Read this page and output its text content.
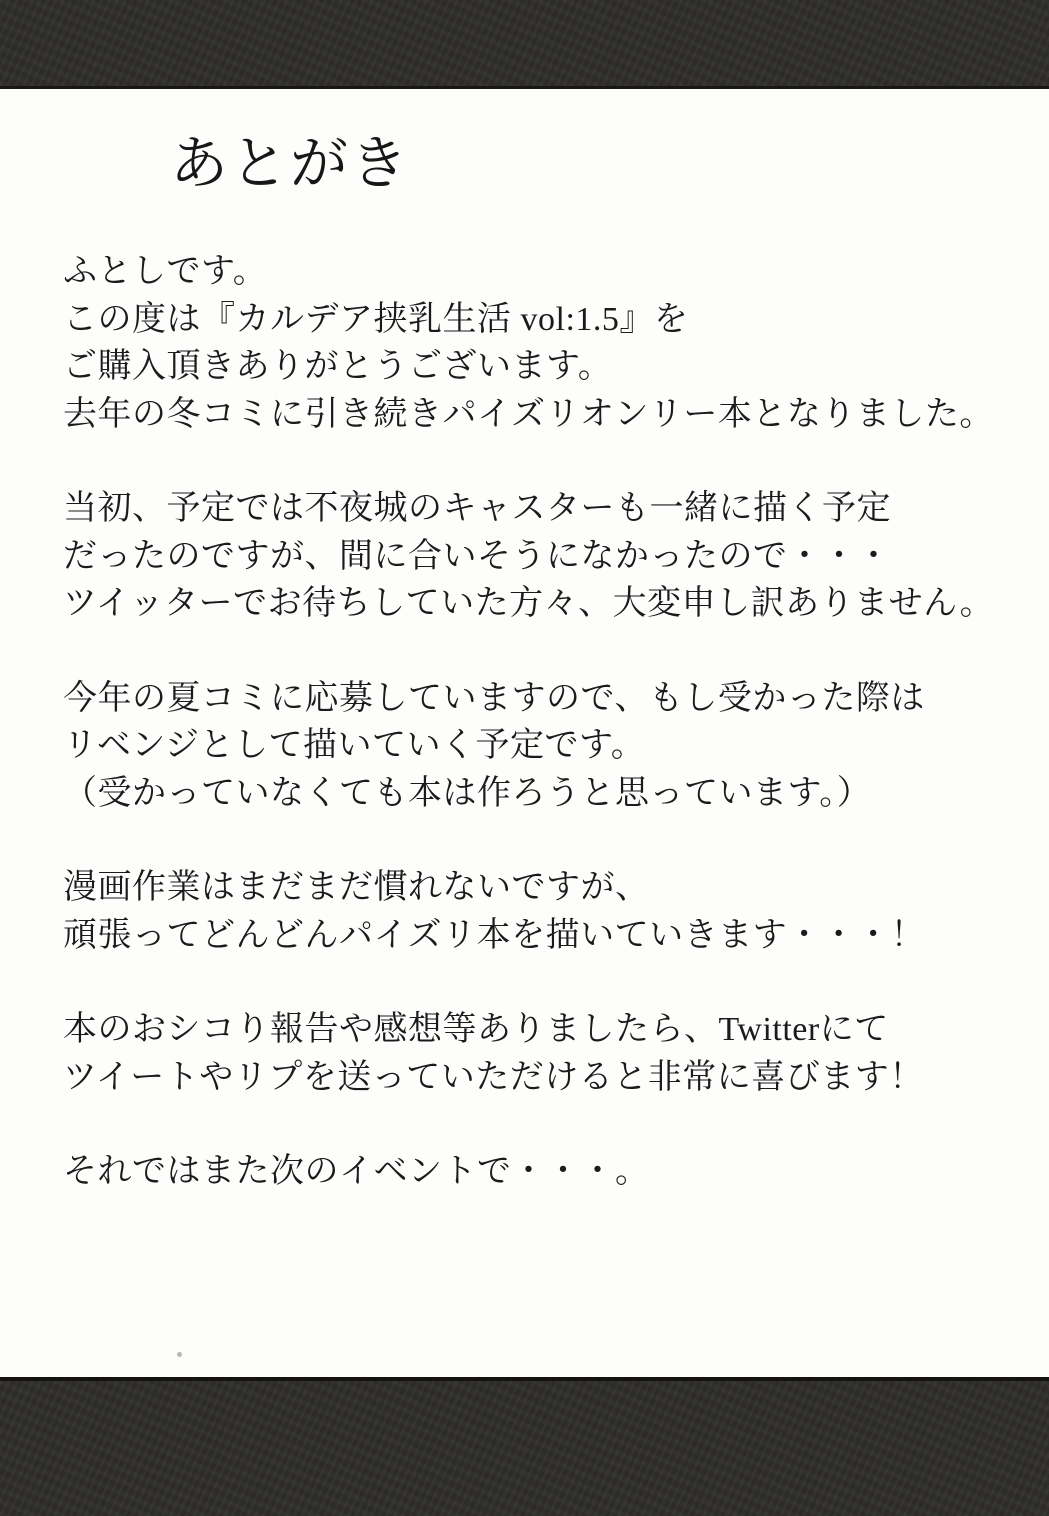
あとがき

ふとしです。
この度は『カルデア挟乳生活 vol:1.5』を
ご購入頂きありがとうございます。
去年の冬コミに引き続きパイズリオンリー本となりました。

当初、予定では不夜城のキャスターも一緒に描く予定
だったのですが、間に合いそうになかったので・・・
ツイッターでお待ちしていた方々、大変申し訳ありません。

今年の夏コミに応募していますので、もし受かった際は
リベンジとして描いていく予定です。
（受かっていなくても本は作ろうと思っています。）

漫画作業はまだまだ慣れないですが、
頑張ってどんどんパイズリ本を描いていきます・・・！

本のおシコり報告や感想等ありましたら、Twitterにて
ツイートやリプを送っていただけると非常に喜びます！

それではまた次のイベントで・・・。
